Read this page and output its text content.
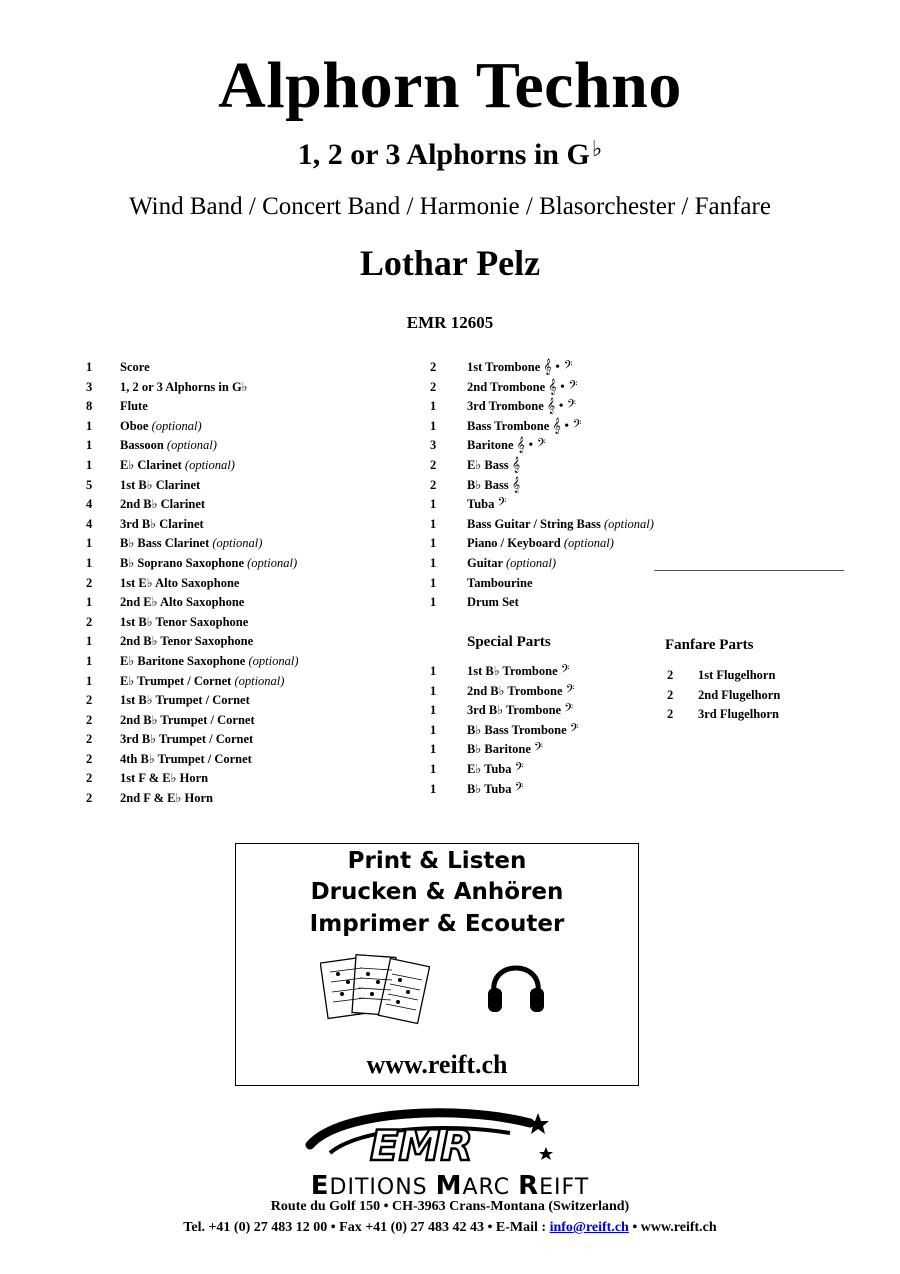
Alphorn Techno
1, 2 or 3 Alphorns in G♭
Wind Band / Concert Band / Harmonie / Blasorchester / Fanfare
Lothar Pelz
EMR 12605
1 Score
3 1, 2 or 3 Alphorns in G♭
8 Flute
1 Oboe (optional)
1 Bassoon (optional)
1 E♭ Clarinet (optional)
5 1st B♭ Clarinet
4 2nd B♭ Clarinet
4 3rd B♭ Clarinet
1 B♭ Bass Clarinet (optional)
1 B♭ Soprano Saxophone (optional)
2 1st E♭ Alto Saxophone
1 2nd E♭ Alto Saxophone
2 1st B♭ Tenor Saxophone
1 2nd B♭ Tenor Saxophone
1 E♭ Baritone Saxophone (optional)
1 E♭ Trumpet / Cornet (optional)
2 1st B♭ Trumpet / Cornet
2 2nd B♭ Trumpet / Cornet
2 3rd B♭ Trumpet / Cornet
2 4th B♭ Trumpet / Cornet
2 1st F & E♭ Horn
2 2nd F & E♭ Horn
2 1st Trombone 𝄞 • 𝄢
2 2nd Trombone 𝄞 • 𝄢
1 3rd Trombone 𝄞 • 𝄢
1 Bass Trombone 𝄞 • 𝄢
3 Baritone 𝄞 • 𝄢
2 E♭ Bass 𝄞
2 B♭ Bass 𝄞
1 Tuba 𝄢
1 Bass Guitar / String Bass (optional)
1 Piano / Keyboard (optional)
1 Guitar (optional)
1 Tambourine
1 Drum Set
Special Parts
1 1st B♭ Trombone 𝄢
1 2nd B♭ Trombone 𝄢
1 3rd B♭ Trombone 𝄢
1 B♭ Bass Trombone 𝄢
1 B♭ Baritone 𝄢
1 E♭ Tuba 𝄢
1 B♭ Tuba 𝄢
Fanfare Parts
2 1st Flugelhorn
2 2nd Flugelhorn
2 3rd Flugelhorn
Print & Listen
Drucken & Anhören
Imprimer & Ecouter
www.reift.ch
EMR
EDITIONS MARC REIFT
Route du Golf 150 • CH-3963 Crans-Montana (Switzerland)
Tel. +41 (0) 27 483 12 00 • Fax +41 (0) 27 483 42 43 • E-Mail : info@reift.ch • www.reift.ch
